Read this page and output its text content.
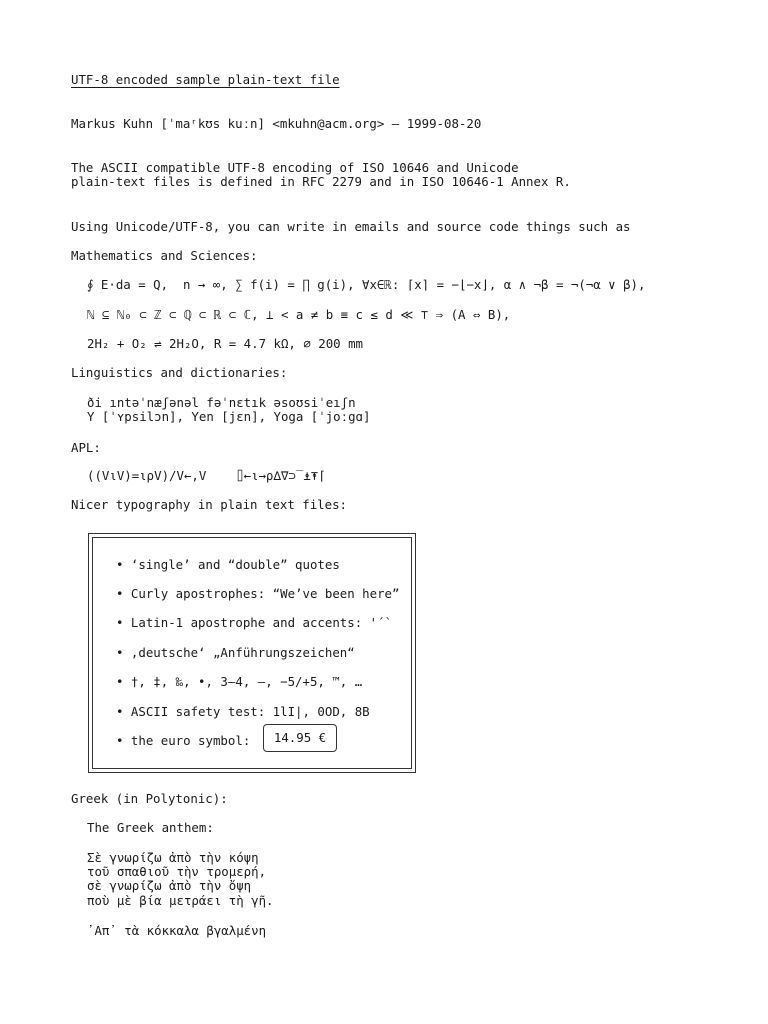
UTF-8 encoded sample plain-text file
Markus Kuhn [ˈmaʳkʊs kuːn] <mkuhn@acm.org> — 1999-08-20
The ASCII compatible UTF-8 encoding of ISO 10646 and Unicode
plain-text files is defined in RFC 2279 and in ISO 10646-1 Annex R.
Using Unicode/UTF-8, you can write in emails and source code things such as
Mathematics and Sciences:
∮ E⋅da = Q,  n → ∞, ∑ f(i) = ∏ g(i), ∀x∈ℝ: ⌈x⌉ = −⌊−x⌋, α ∧ ¬β = ¬(¬α ∨ β),
ℕ ⊆ ℕ₀ ⊂ ℤ ⊂ ℚ ⊂ ℝ ⊂ ℂ, ⊥ < a ≠ b ≡ c ≤ d ≪ ⊤ ⇒ (A ⇔ B),
2H₂ + O₂ ⇌ 2H₂O, R = 4.7 kΩ, ⌀ 200 mm
Linguistics and dictionaries:
ði ıntəˈnæʃənəl fəˈnɛtık əsoʊsiˈeıʃn
Y [ˈʏpsilɔn], Yen [jɛn], Yoga [ˈjoːgɑ]
APL:
((V⍳V)=⍳⍴V)/V←,V    ⌷←⍳→⍴∆∇⊃‾⍎⍕⌈
Nicer typography in plain text files:
• ‘single’ and “double” quotes
• Curly apostrophes: “We’ve been here”
• Latin-1 apostrophe and accents: '´`
• ‚deutsche‘ „Anführungszeichen“
• †, ‡, ‰, •, 3–4, —, −5/+5, ™, …
• ASCII safety test: 1lI|, 0OD, 8B
• the euro symbol:	14.95 €
Greek (in Polytonic):
The Greek anthem:
Σὲ γνωρίζω ἀπὸ τὴν κόψη
τοῦ σπαθιοῦ τὴν τρομερή,
σὲ γνωρίζω ἀπὸ τὴν ὄψη
ποὺ μὲ βία μετράει τὴ γῆ.
᾿Απ᾿ τὰ κόκκαλα βγαλμένη
